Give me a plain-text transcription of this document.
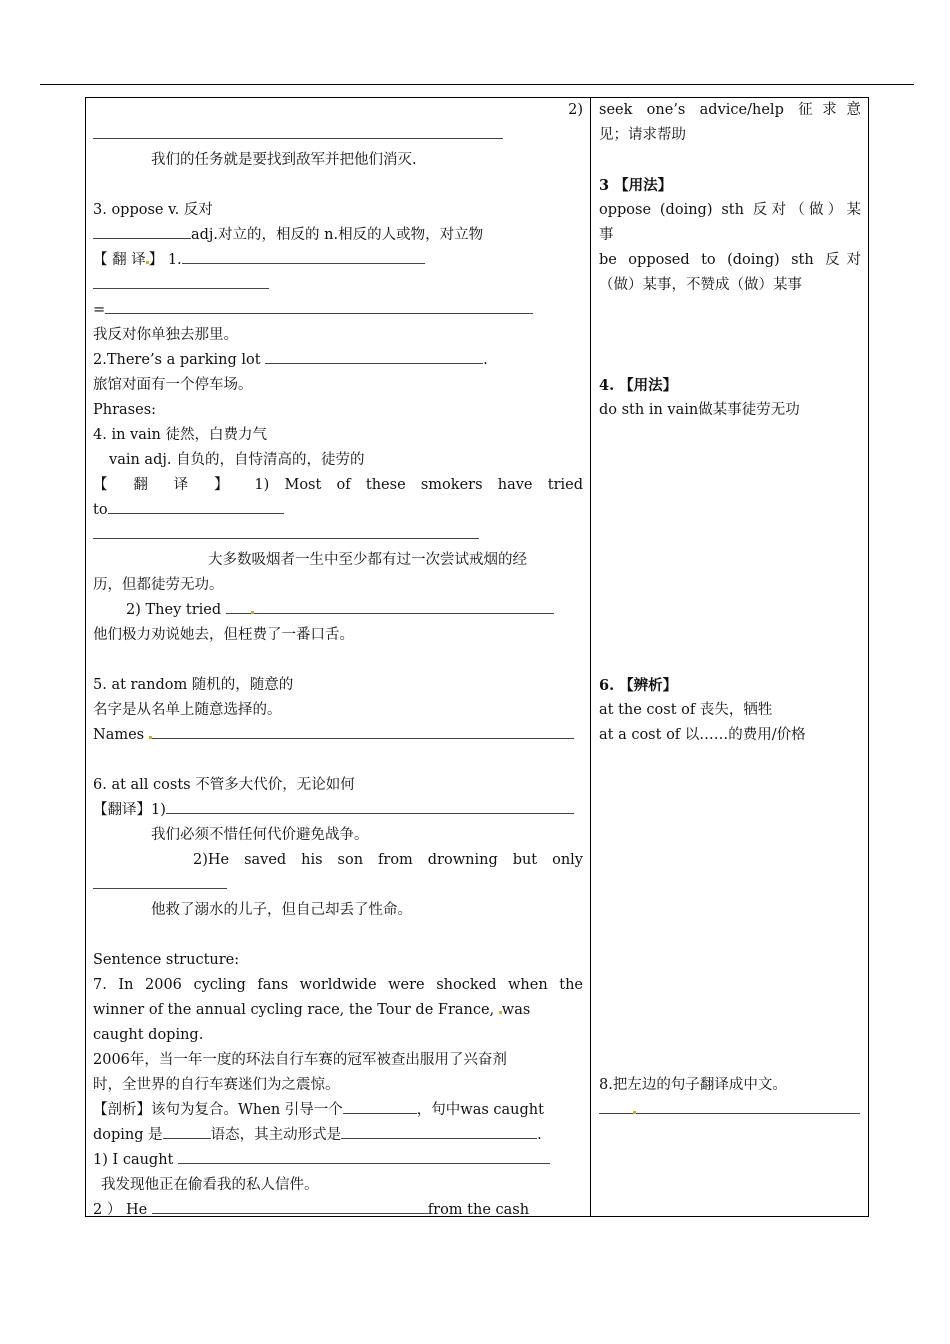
2)
我们的任务就是要找到敌军并把他们消灭.
3. oppose v. 反对
adj.对立的，相反的 n.相反的人或物，对立物
【 翻 译 】 1.
=
我反对你单独去那里。
2.There’s a parking lot	.
旅馆对面有一个停车场。
Phrases:
4. in vain 徒然，白费力气
vain adj. 自负的，自恃清高的，徒劳的
【 翻 译 】 1) Most of these smokers have tried
to
大多数吸烟者一生中至少都有过一次尝试戒烟的经
历，但都徒劳无功。
2) They tried
他们极力劝说她去，但枉费了一番口舌。
5. at random 随机的，随意的
名字是从名单上随意选择的。
Names
6. at all costs 不管多大代价，无论如何
【翻译】1)
我们必须不惜任何代价避免战争。
2)He saved his son from drowning but only
他救了溺水的儿子，但自己却丢了性命。
Sentence structure:
7. In 2006 cycling fans worldwide were shocked when the
winner of the annual cycling race, the Tour de France, was
caught doping.
2006年，当一年一度的环法自行车赛的冠军被查出服用了兴奋剂
时，全世界的自行车赛迷们为之震惊。
【剖析】该句为复合。When 引导一个	，句中was caught
doping 是	语态，其主动形式是	.
1) I caught
我发现他正在偷看我的私人信件。
2 ） He	from the cash
seek one’s advice/help 征求意
见；请求帮助
3 【用法】
oppose (doing) sth 反对（做）某
事
be opposed to (doing) sth 反对
（做）某事，不赞成（做）某事
4. 【用法】
do sth in vain做某事徒劳无功
6. 【辨析】
at the cost of 丧失，牺牲
at a cost of 以……的费用/价格
8.把左边的句子翻译成中文。
